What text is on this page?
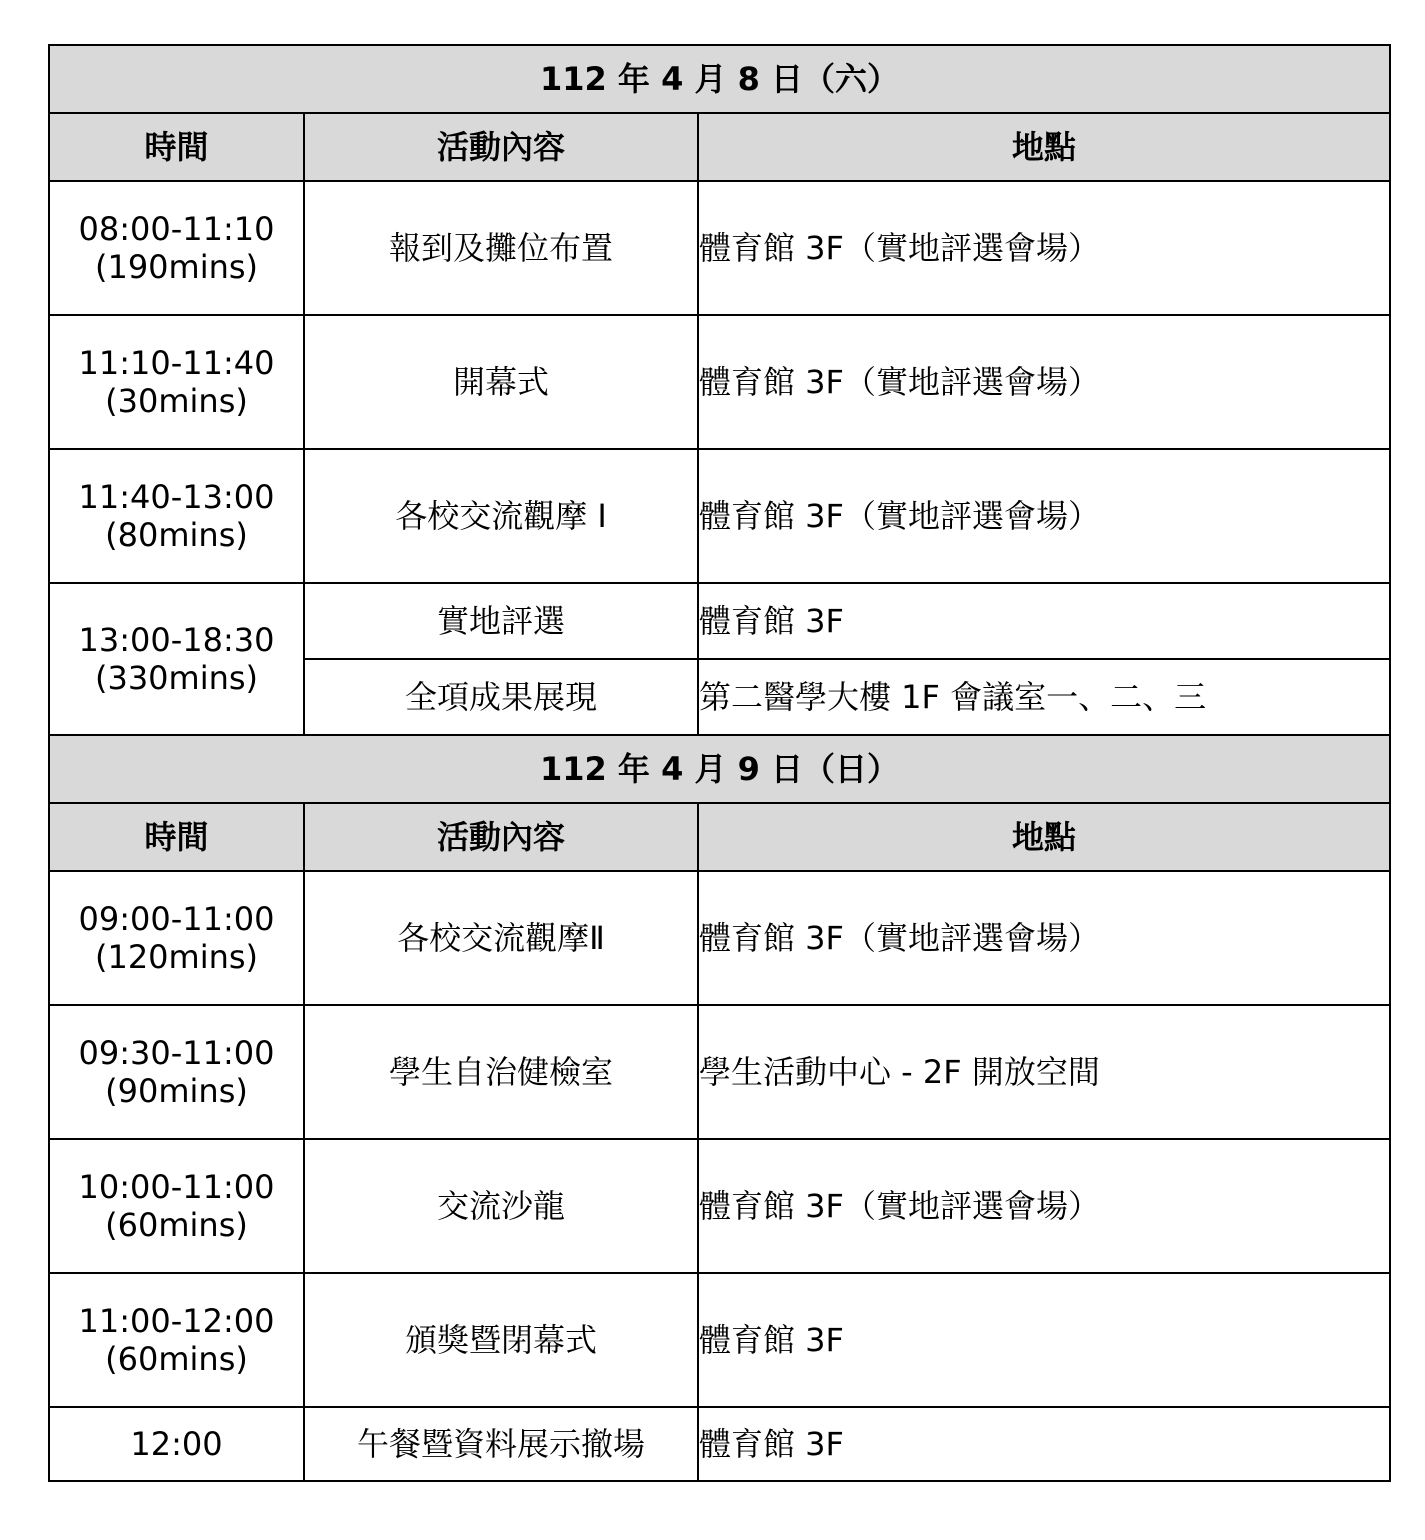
112 年 4 月 8 日（六）		
時間	活動內容	地點

08:00-11:10
(190mins)	報到及攤位布置	體育館 3F（實地評選會場）

11:10-11:40
(30mins)	開幕式	體育館 3F（實地評選會場）

11:40-13:00
(80mins)	各校交流觀摩 I	體育館 3F（實地評選會場）

13:00-18:30
(330mins)	實地評選	體育館 3F
	全項成果展現	第二醫學大樓 1F 會議室一、二、三
112 年 4 月 9 日（日）		
時間	活動內容	地點

09:00-11:00
(120mins)	各校交流觀摩Ⅱ	體育館 3F（實地評選會場）

09:30-11:00
(90mins)	學生自治健檢室	學生活動中心 - 2F 開放空間

10:00-11:00
(60mins)	交流沙龍	體育館 3F（實地評選會場）

11:00-12:00
(60mins)	頒獎暨閉幕式	體育館 3F

12:00	午餐暨資料展示撤場	體育館 3F
